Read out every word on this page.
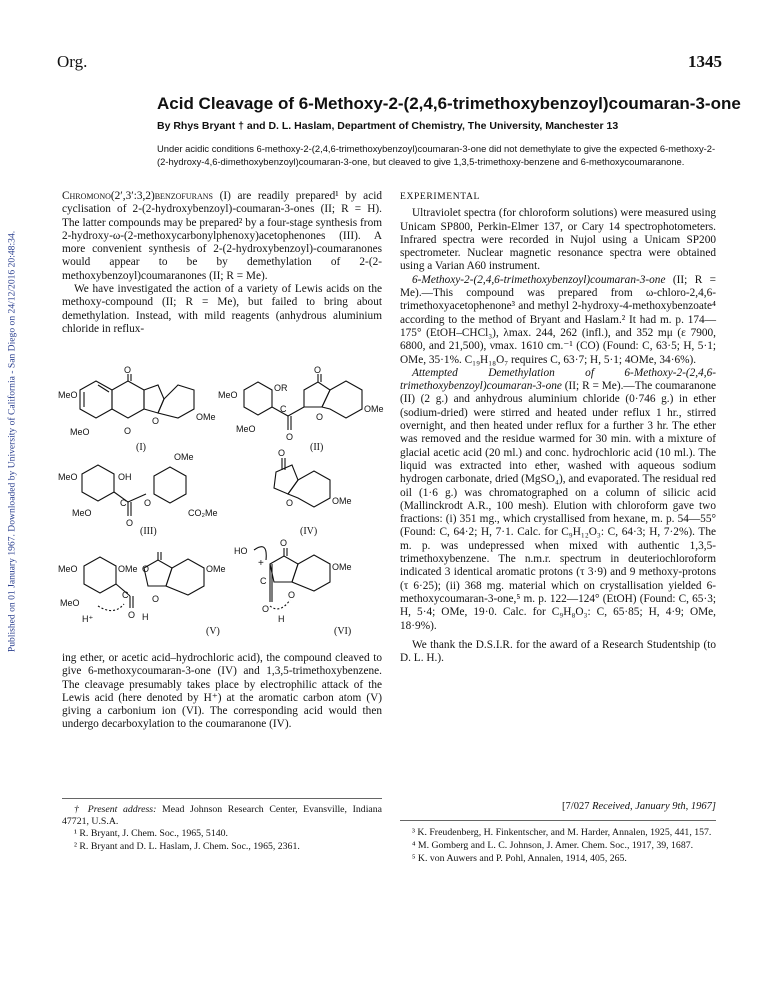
Published on 01 January 1967. Downloaded by University of California - San Diego on 24/12/2016 20:48:34.
Org.	1345
Acid Cleavage of 6-Methoxy-2-(2,4,6-trimethoxybenzoyl)coumaran-3-one
By Rhys Bryant † and D. L. Haslam, Department of Chemistry, The University, Manchester 13
Under acidic conditions 6-methoxy-2-(2,4,6-trimethoxybenzoyl)coumaran-3-one did not demethylate to give the expected 6-methoxy-2-(2-hydroxy-4,6-dimethoxybenzoyl)coumaran-3-one, but cleaved to give 1,3,5-trimethoxy-benzene and 6-methoxycoumaranone.

Chromono(2′,3′:3,2)benzofurans (I) are readily prepared¹ by acid cyclisation of 2-(2-hydroxybenzoyl)-coumaran-3-ones (II; R = H). The latter compounds may be prepared² by a four-stage synthesis from 2-hydroxy-ω-(2-methoxycarbonylphenoxy)acetophenones (III). A more convenient synthesis of 2-(2-hydroxybenzoyl)-coumaranones would appear to be by demethylation of 2-(2-methoxybenzoyl)coumaranones (II; R = Me).

We have investigated the action of a variety of Lewis acids on the methoxy-compound (II; R = Me), but failed to bring about demethylation. Instead, with mild reagents (anhydrous aluminium chloride in reflux-

MeO
MeO
OMe
O
O
O
(I)
MeO
MeO
OMe
OR
O
O
O
C
(II)
OMe
MeO
MeO
OH
O
O
C
CO₂Me
(III)
O
O	OMe
(IV)
MeO
MeO
OMe	OMe
O
O
C
O H
H⁺
(V)
HO
OMe
O
C
O
O
H
+
(VI)

ing ether, or acetic acid–hydrochloric acid), the compound cleaved to give 6-methoxycoumaran-3-one (IV) and 1,3,5-trimethoxybenzene. The cleavage presumably takes place by electrophilic attack of the Lewis acid (here denoted by H⁺) at the aromatic carbon atom (V) giving a carbonium ion (VI). The corresponding acid would then undergo decarboxylation to the coumaranone (IV).

† Present address: Mead Johnson Research Center, Evansville, Indiana 47721, U.S.A.

¹ R. Bryant, J. Chem. Soc., 1965, 5140.

² R. Bryant and D. L. Haslam, J. Chem. Soc., 1965, 2361.

EXPERIMENTAL

Ultraviolet spectra (for chloroform solutions) were measured using Unicam SP800, Perkin-Elmer 137, or Cary 14 spectrophotometers. Infrared spectra were recorded in Nujol using a Unicam SP200 spectrometer. Nuclear magnetic resonance spectra were obtained using a Varian A60 instrument.

6-Methoxy-2-(2,4,6-trimethoxybenzoyl)coumaran-3-one (II; R = Me).—This compound was prepared from ω-chloro-2,4,6-trimethoxyacetophenone³ and methyl 2-hydroxy-4-methoxybenzoate⁴ according to the method of Bryant and Haslam.² It had m. p. 174—175° (EtOH–CHCl₃), λmax. 244, 262 (infl.), and 352 mμ (ε 7900, 6800, and 21,500), νmax. 1610 cm.⁻¹ (CO) (Found: C, 63·5; H, 5·1; OMe, 35·1%. C₁₉H₁₈O₇ requires C, 63·7; H, 5·1; 4OMe, 34·6%).

Attempted Demethylation of 6-Methoxy-2-(2,4,6-trimethoxybenzoyl)coumaran-3-one (II; R = Me).—The coumaranone (II) (2 g.) and anhydrous aluminium chloride (0·746 g.) in ether (sodium-dried) were stirred and heated under reflux 1 hr., stirred overnight, and then heated under reflux for a further 3 hr. The ether was removed and the residue warmed for 30 min. with a mixture of glacial acetic acid (20 ml.) and conc. hydrochloric acid (10 ml.). The liquid was extracted into ether, washed with aqueous sodium hydrogen carbonate, dried (MgSO₄), and evaporated. The residual red oil (1·6 g.) was chromatographed on a column of silicic acid (Mallinckrodt A.R., 100 mesh). Elution with chloroform gave two fractions: (i) 351 mg., which crystallised from hexane, m. p. 54—55° (Found: C, 64·2; H, 7·1. Calc. for C₉H₁₂O₃: C, 64·3; H, 7·2%). The m. p. was undepressed when mixed with authentic 1,3,5-trimethoxybenzene. The n.m.r. spectrum in deuteriochloroform indicated 3 identical aromatic protons (τ 3·9) and 9 methoxy-protons (τ 6·25); (ii) 368 mg. material which on crystallisation yielded 6-methoxycoumaran-3-one,⁵ m. p. 122—124° (EtOH) (Found: C, 65·3; H, 5·4; OMe, 19·0. Calc. for C₉H₈O₃: C, 65·85; H, 4·9; OMe, 18·9%).

We thank the D.S.I.R. for the award of a Research Studentship (to D. L. H.).

[7/027 Received, January 9th, 1967]

³ K. Freudenberg, H. Finkentscher, and M. Harder, Annalen, 1925, 441, 157.

⁴ M. Gomberg and L. C. Johnson, J. Amer. Chem. Soc., 1917, 39, 1687.

⁵ K. von Auwers and P. Pohl, Annalen, 1914, 405, 265.
